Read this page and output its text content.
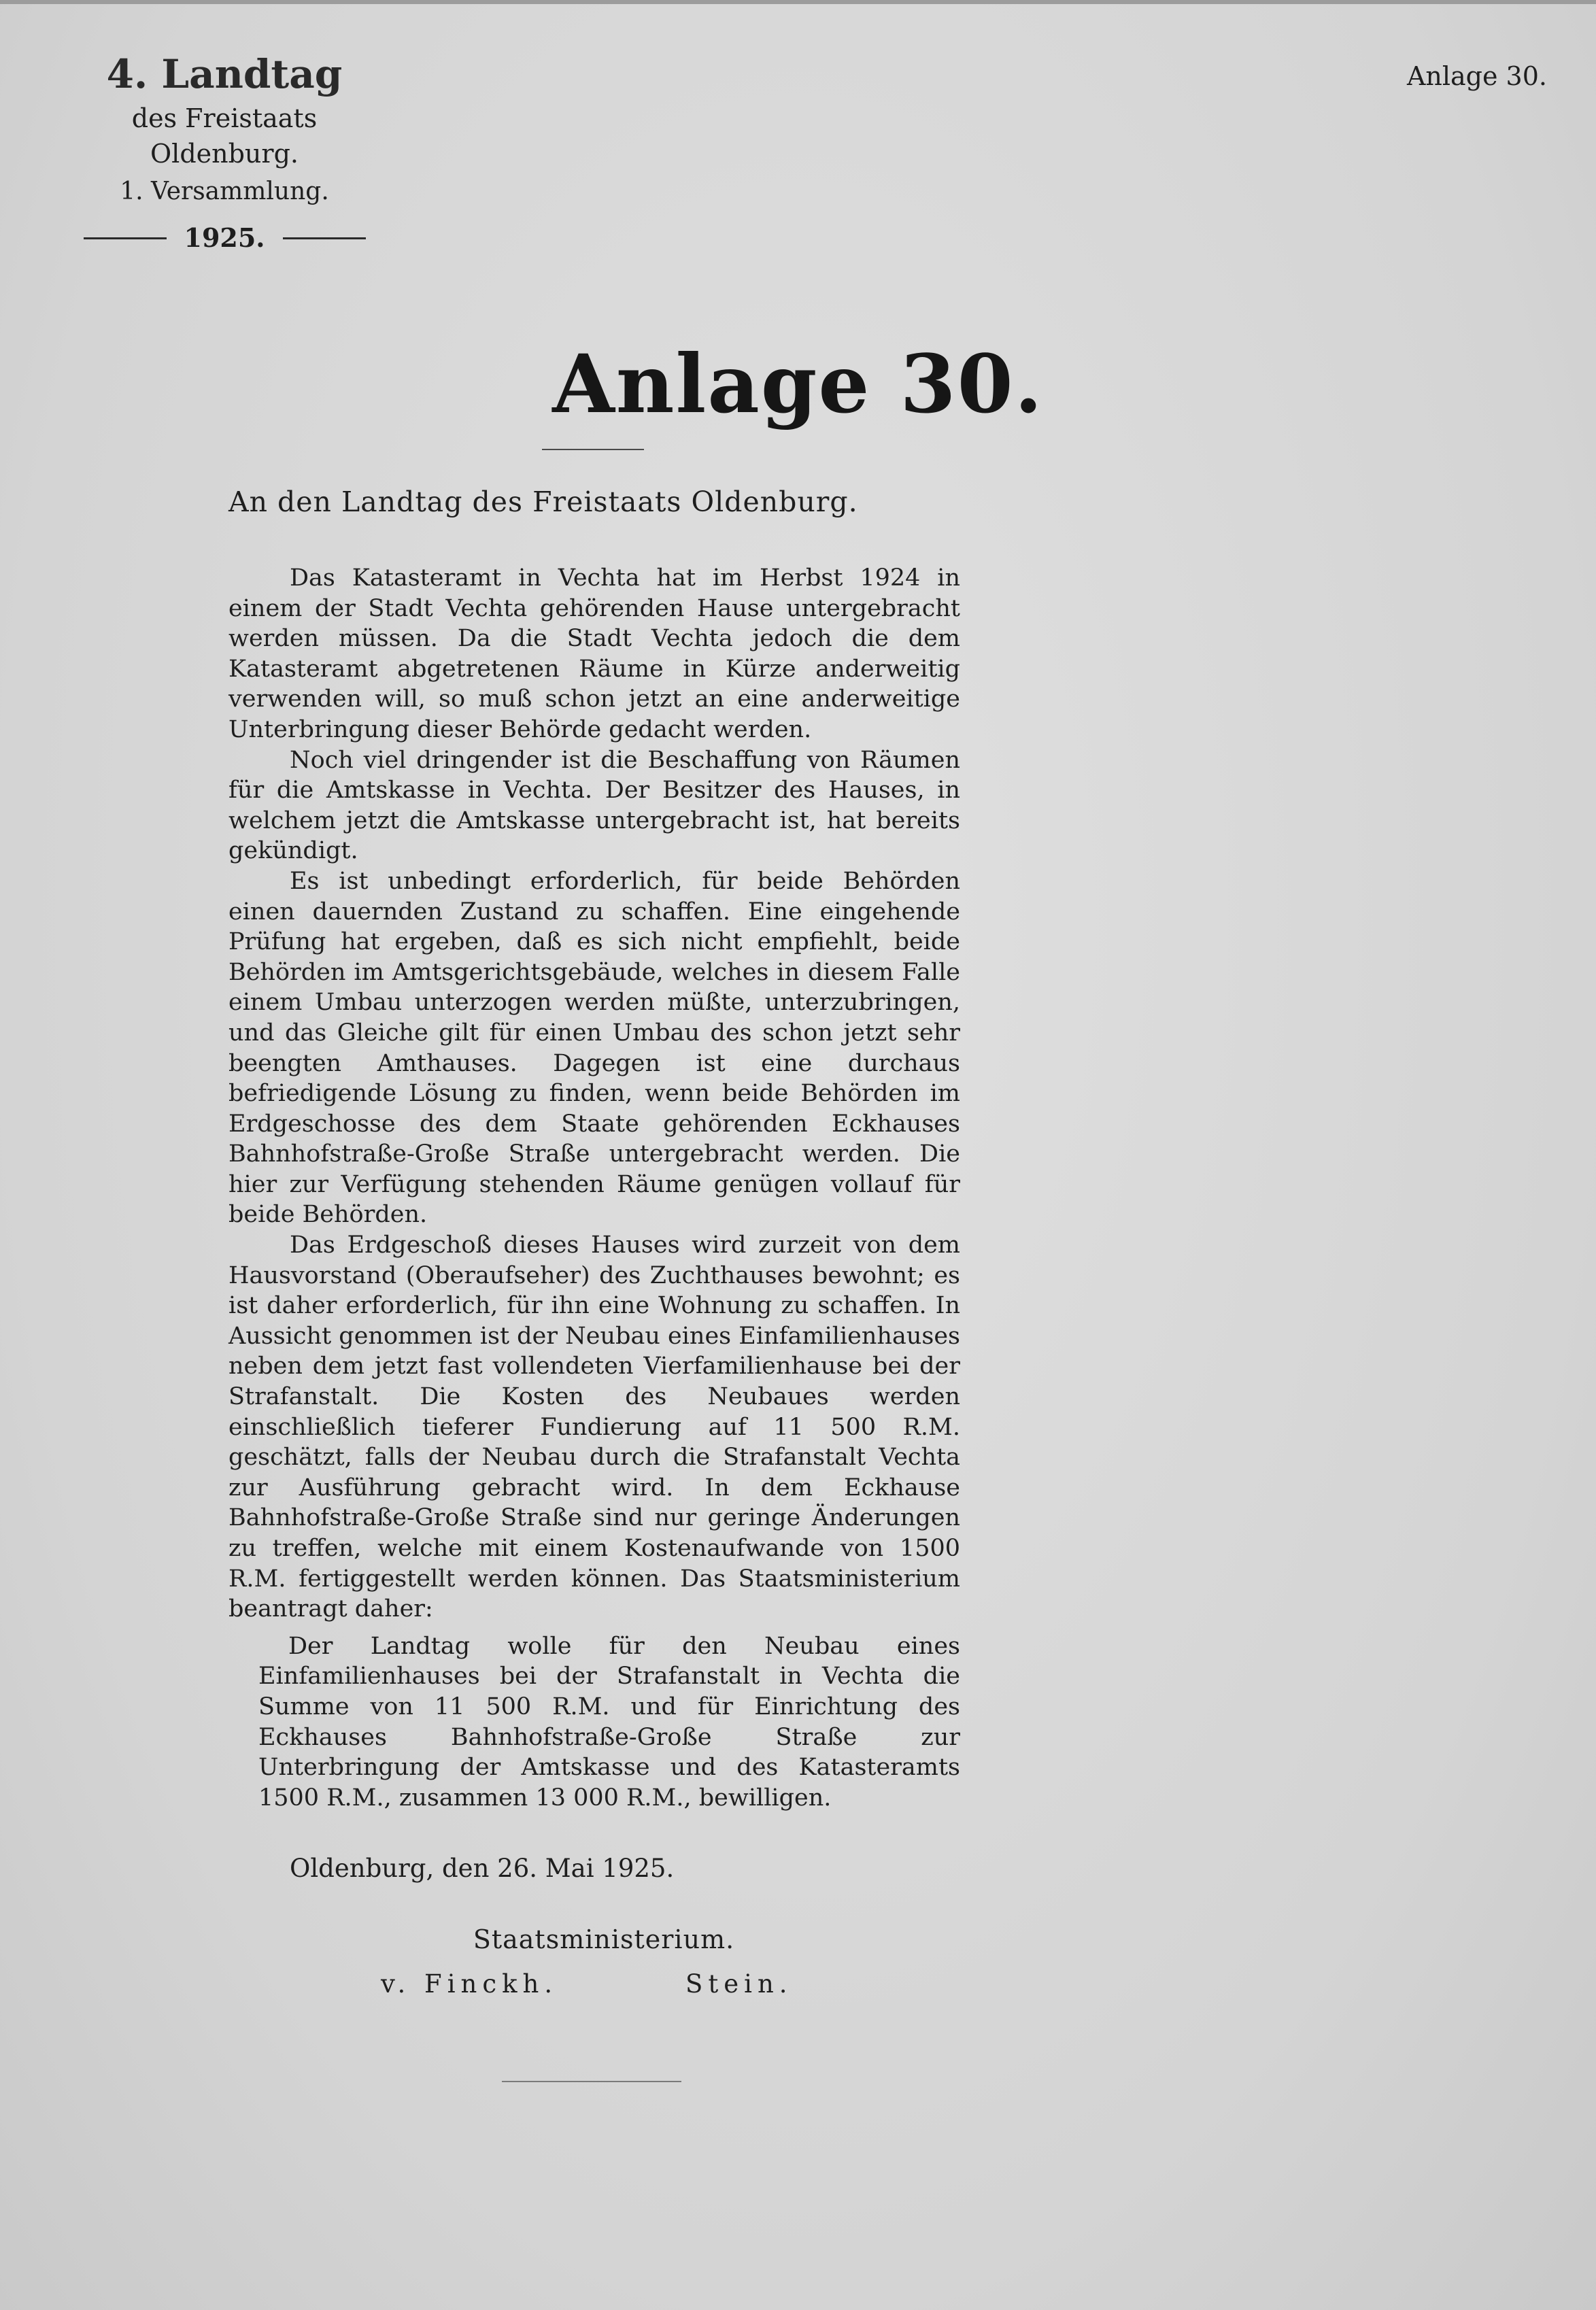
4. Landtag
des Freistaats Oldenburg.
1. Versammlung.
1925.
Anlage 30.
Anlage 30.
An den Landtag des Freistaats Oldenburg.

Das Katasteramt in Vechta hat im Herbst 1924 in einem der Stadt Vechta gehörenden Hause untergebracht werden müssen. Da die Stadt Vechta jedoch die dem Katasteramt abgetretenen Räume in Kürze anderweitig verwenden will, so muß schon jetzt an eine anderweitige Unterbringung dieser Behörde gedacht werden.

Noch viel dringender ist die Beschaffung von Räumen für die Amtskasse in Vechta. Der Besitzer des Hauses, in welchem jetzt die Amtskasse untergebracht ist, hat bereits gekündigt.

Es ist unbedingt erforderlich, für beide Behörden einen dauernden Zustand zu schaffen. Eine eingehende Prüfung hat ergeben, daß es sich nicht empfiehlt, beide Behörden im Amtsgerichtsgebäude, welches in diesem Falle einem Umbau unterzogen werden müßte, unterzubringen, und das Gleiche gilt für einen Umbau des schon jetzt sehr beengten Amthauses. Dagegen ist eine durchaus befriedigende Lösung zu finden, wenn beide Behörden im Erdgeschosse des dem Staate gehörenden Eckhauses Bahnhofstraße-Große Straße untergebracht werden. Die hier zur Verfügung stehenden Räume genügen vollauf für beide Behörden.

Das Erdgeschoß dieses Hauses wird zurzeit von dem Hausvorstand (Oberaufseher) des Zuchthauses bewohnt; es ist daher erforderlich, für ihn eine Wohnung zu schaffen. In Aussicht genommen ist der Neubau eines Einfamilienhauses neben dem jetzt fast vollendeten Vierfamilienhause bei der Strafanstalt. Die Kosten des Neubaues werden einschließlich tieferer Fundierung auf 11 500 R.M. geschätzt, falls der Neubau durch die Strafanstalt Vechta zur Ausführung gebracht wird. In dem Eckhause Bahnhofstraße-Große Straße sind nur geringe Änderungen zu treffen, welche mit einem Kostenaufwande von 1500 R.M. fertiggestellt werden können. Das Staatsministerium beantragt daher:

Der Landtag wolle für den Neubau eines Einfamilienhauses bei der Strafanstalt in Vechta die Summe von 11 500 R.M. und für Einrichtung des Eckhauses Bahnhofstraße-Große Straße zur Unterbringung der Amtskasse und des Katasteramts 1500 R.M., zusammen 13 000 R.M., bewilligen.

Oldenburg, den 26. Mai 1925.
Staatsministerium.
v. Finckh.	Stein.
